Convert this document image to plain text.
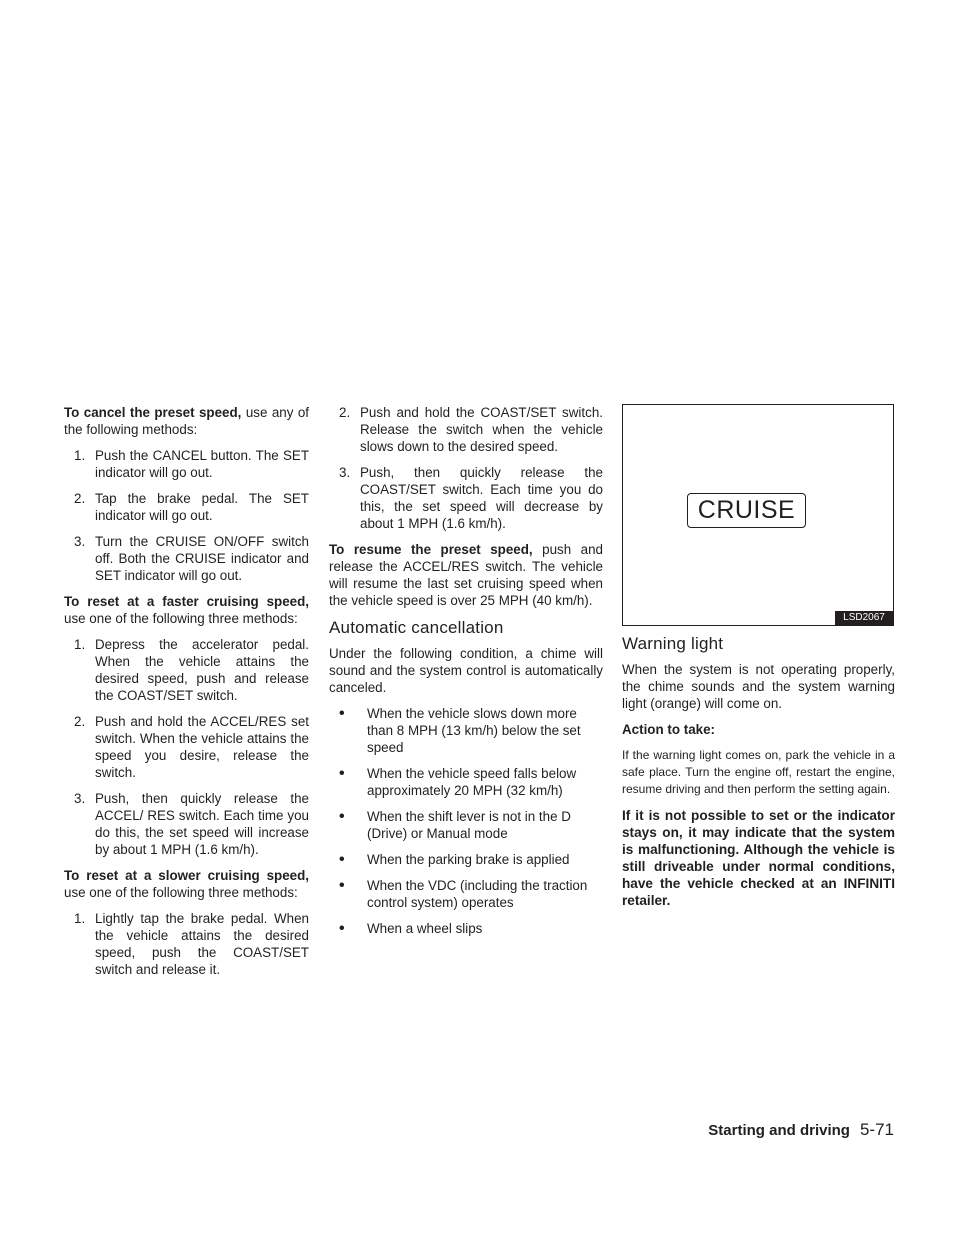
To cancel the preset speed, use any of the following methods:

1. Push the CANCEL button. The SET indicator will go out.
2. Tap the brake pedal. The SET indicator will go out.
3. Turn the CRUISE ON/OFF switch off. Both the CRUISE indicator and SET indicator will go out.

To reset at a faster cruising speed, use one of the following three methods:

1. Depress the accelerator pedal. When the vehicle attains the desired speed, push and release the COAST/SET switch.
2. Push and hold the ACCEL/RES set switch. When the vehicle attains the speed you desire, release the switch.
3. Push, then quickly release the ACCEL/ RES switch. Each time you do this, the set speed will increase by about 1 MPH (1.6 km/h).

To reset at a slower cruising speed, use one of the following three methods:

1. Lightly tap the brake pedal. When the vehicle attains the desired speed, push the COAST/SET switch and release it.
2. Push and hold the COAST/SET switch. Release the switch when the vehicle slows down to the desired speed.
3. Push, then quickly release the COAST/SET switch. Each time you do this, the set speed will decrease by about 1 MPH (1.6 km/h).

To resume the preset speed, push and release the ACCEL/RES switch. The vehicle will resume the last set cruising speed when the vehicle speed is over 25 MPH (40 km/h).

Automatic cancellation

Under the following condition, a chime will sound and the system control is automatically canceled.

•	When the vehicle slows down more than 8 MPH (13 km/h) below the set speed
•	When the vehicle speed falls below approximately 20 MPH (32 km/h)
•	When the shift lever is not in the D (Drive) or Manual mode
•	When the parking brake is applied
•	When the VDC (including the traction control system) operates
•	When a wheel slips
CRUISE
LSD2067
Warning light

When the system is not operating properly, the chime sounds and the system warning light (orange) will come on.

Action to take:

If the warning light comes on, park the vehicle in a safe place. Turn the engine off, restart the engine, resume driving and then perform the setting again.

If it is not possible to set or the indicator stays on, it may indicate that the system is malfunctioning. Although the vehicle is still driveable under normal conditions, have the vehicle checked at an INFINITI retailer.

Starting and driving 5-71
